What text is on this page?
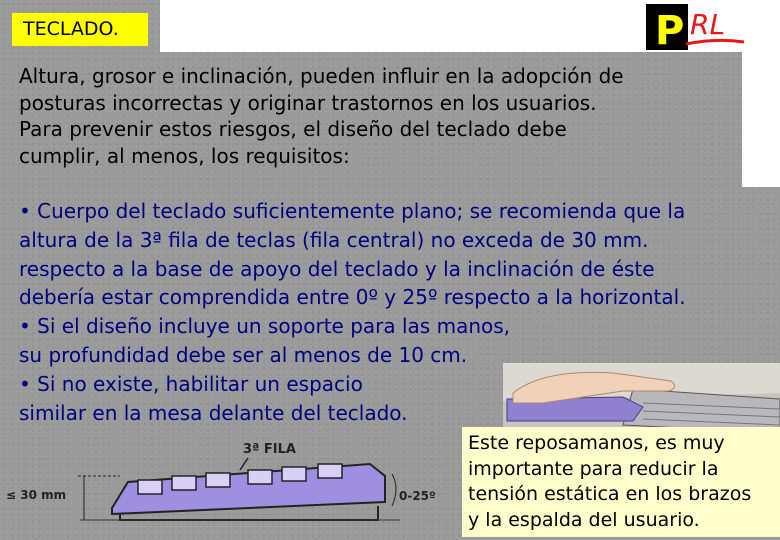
TECLADO.	P RL
Altura, grosor e inclinación, pueden influir en la adopción de
posturas incorrectas y originar trastornos en los usuarios.
Para prevenir estos riesgos, el diseño del teclado debe
cumplir, al menos, los requisitos:
• Cuerpo del teclado suficientemente plano; se recomienda que la
altura de la 3ª fila de teclas (fila central) no exceda de 30 mm.
respecto a la base de apoyo del teclado y la inclinación de éste
debería estar comprendida entre 0º y 25º respecto a la horizontal.
• Si el diseño incluye un soporte para las manos,
su profundidad debe ser al menos de 10 cm.
• Si no existe, habilitar un espacio
similar en la mesa delante del teclado.
3ª FILA
≤ 30 mm	0-25º
Este reposamanos, es muy
importante para reducir la
tensión estática en los brazos
y la espalda del usuario.
